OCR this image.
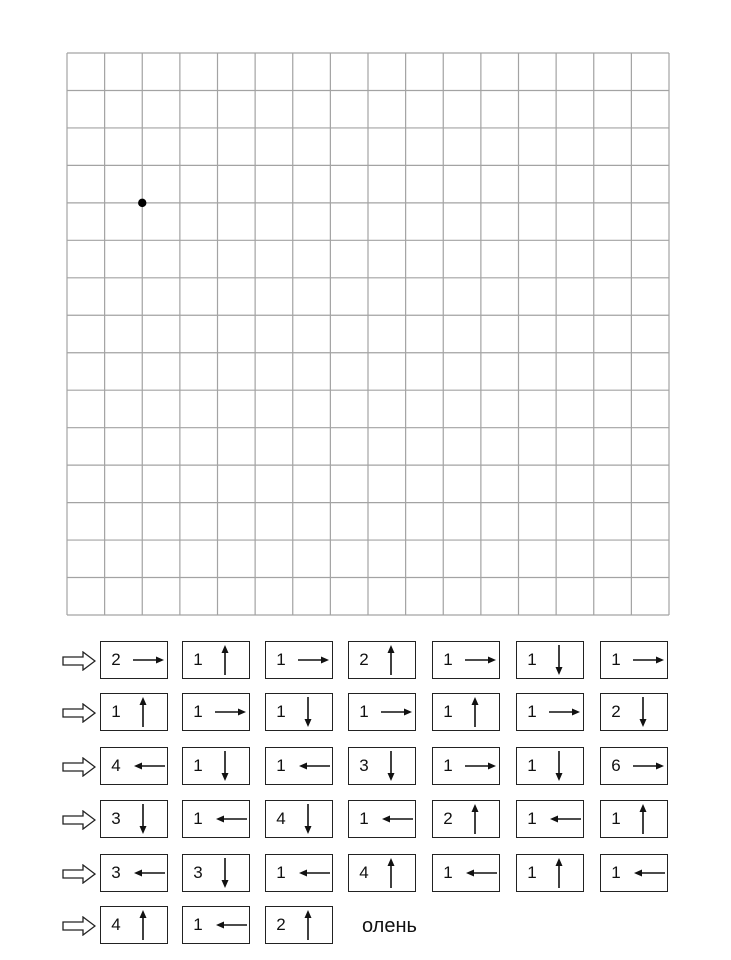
2	1	1	2	1	1	1
1	1	1	1	1	1	2
4	1	1	3	1	1	6
3	1	4	1	2	1	1
3	3	1	4	1	1	1
4	1	2	олень
